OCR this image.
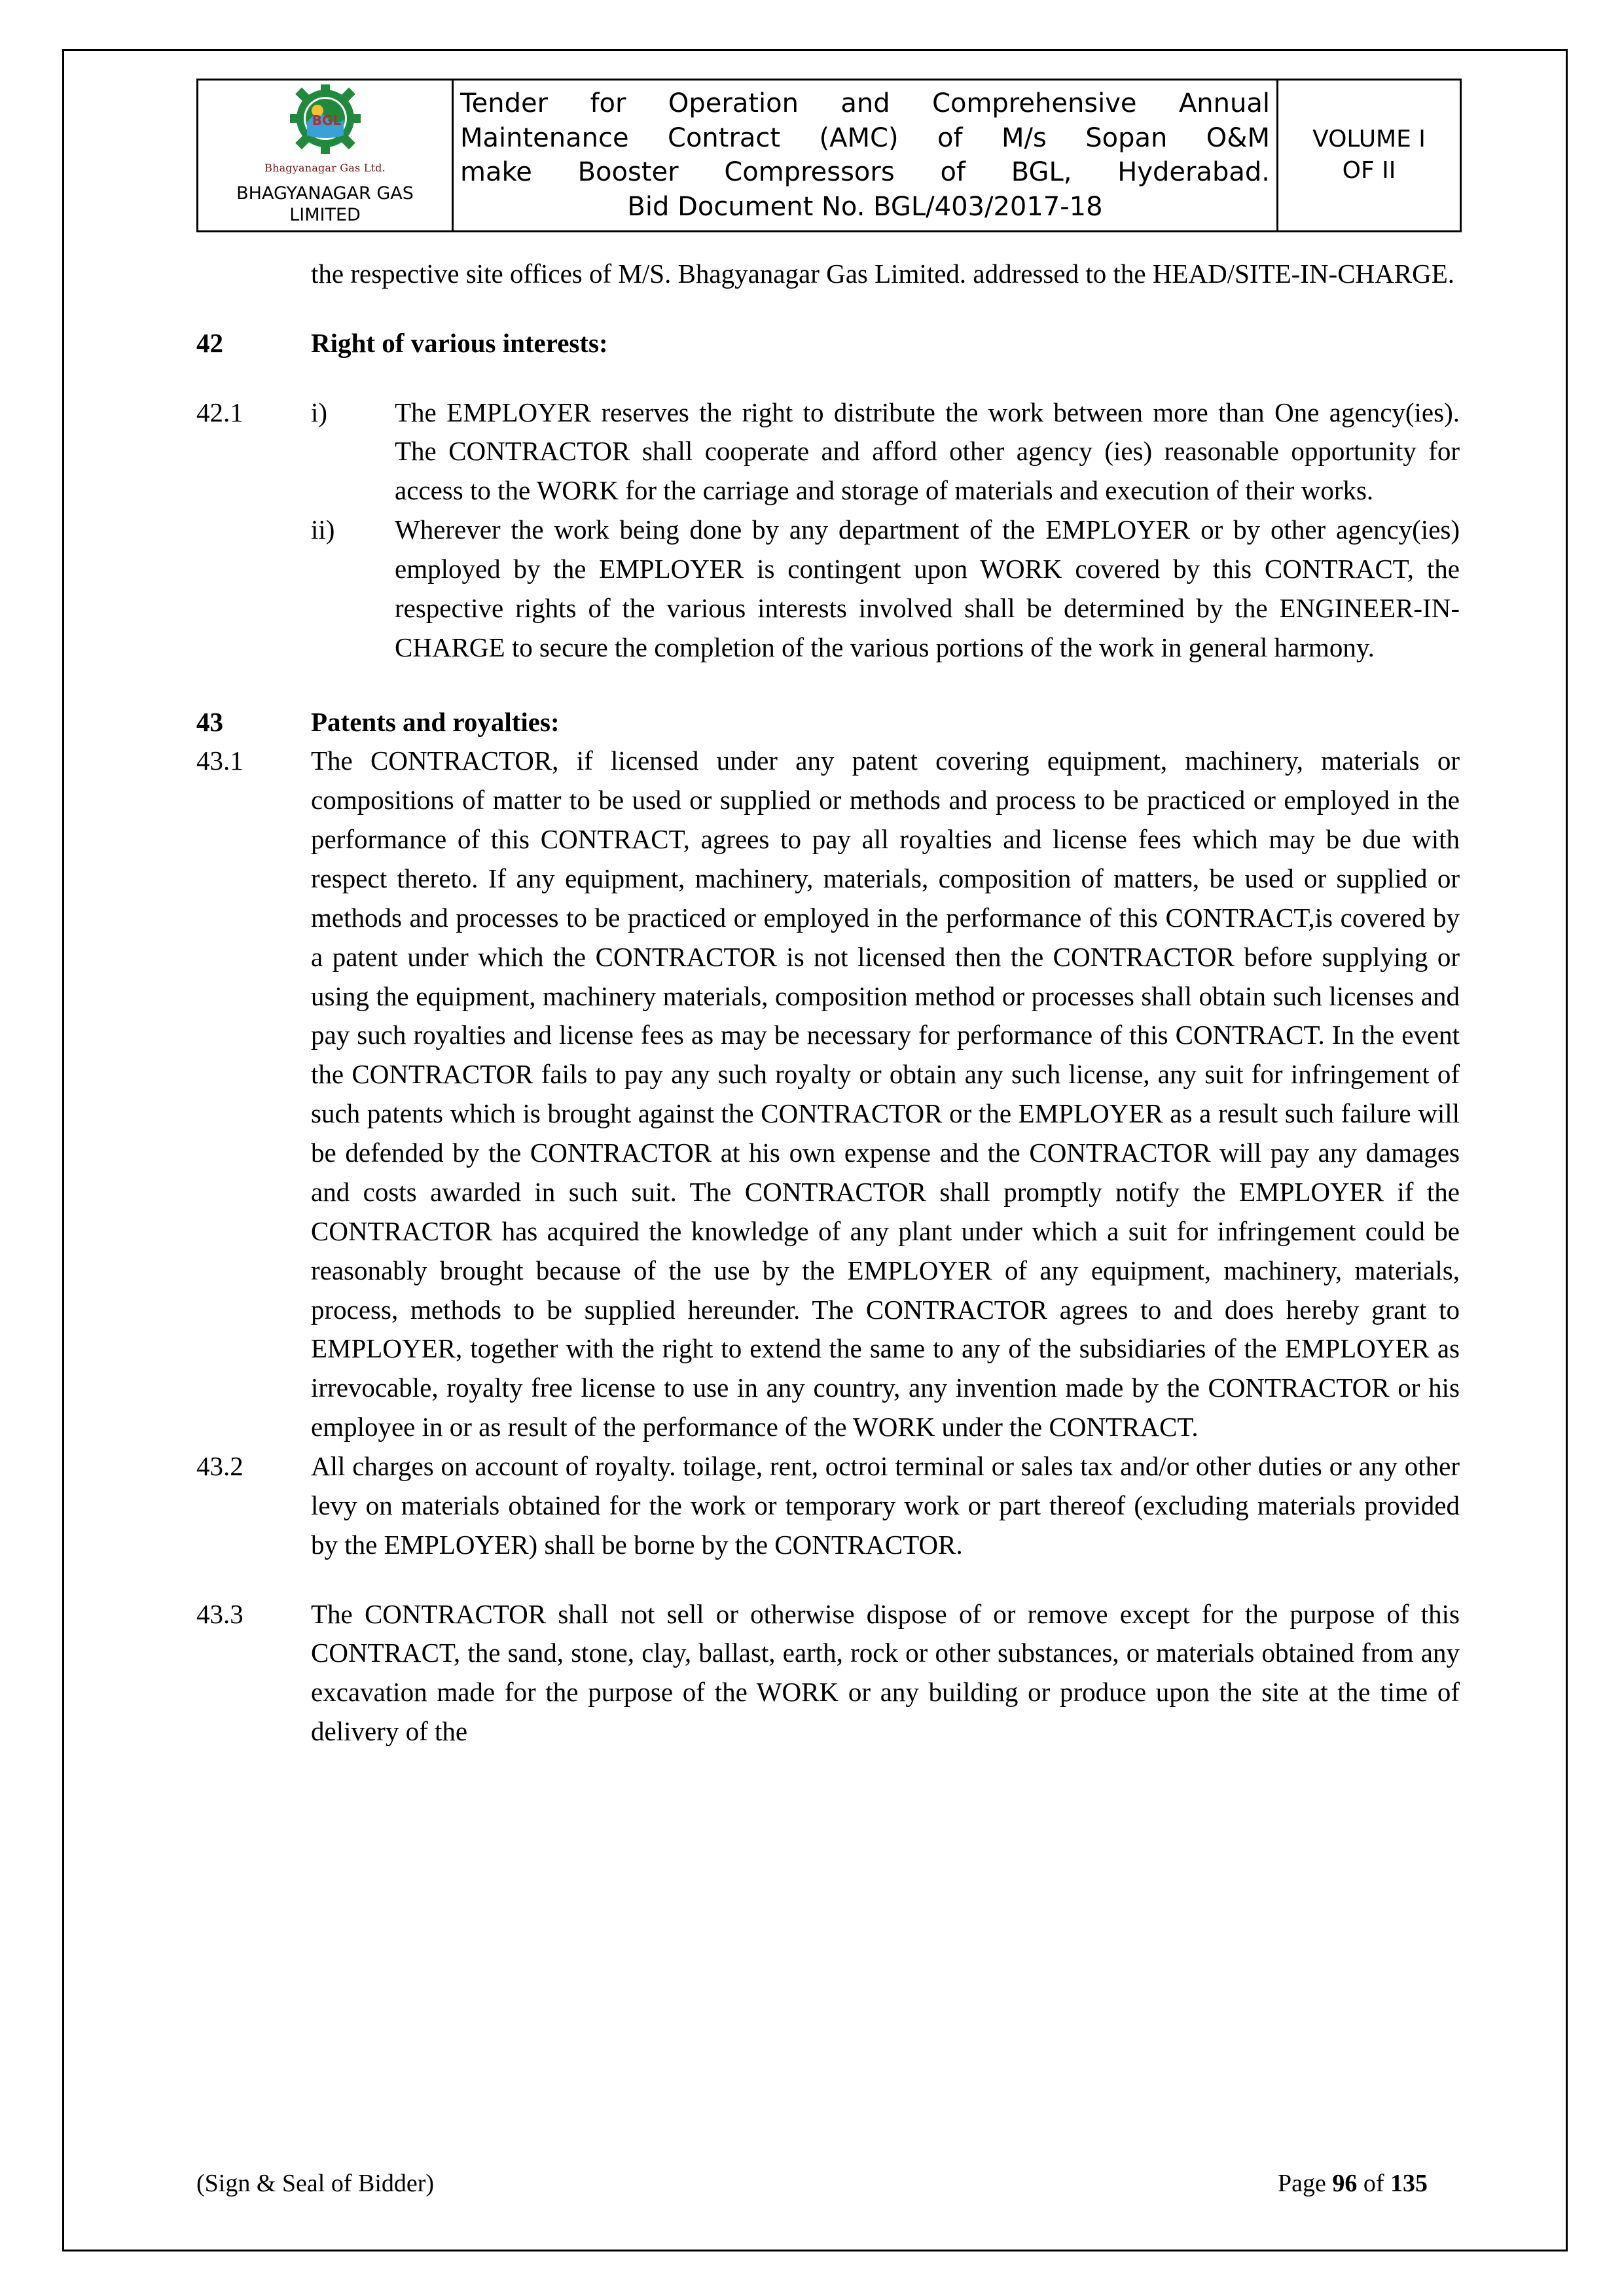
BGL
Bhagyanagar Gas Ltd.
BHAGYANAGAR GAS LIMITED

Tender for Operation and Comprehensive Annual
Maintenance Contract (AMC) of M/s Sopan O&M
make Booster Compressors of BGL, Hyderabad.
Bid Document No. BGL/403/2017-18

VOLUME I
OF II

the respective site offices of M/S. Bhagyanagar Gas Limited. addressed to the HEAD/SITE-IN-CHARGE.

42	Right of various interests:
42.1	i)	The EMPLOYER reserves the right to distribute the work between more than One agency(ies). The CONTRACTOR shall cooperate and afford other agency (ies) reasonable opportunity for access to the WORK for the carriage and storage of materials and execution of their works.
ii)	Wherever the work being done by any department of the EMPLOYER or by other agency(ies) employed by the EMPLOYER is contingent upon WORK covered by this CONTRACT, the respective rights of the various interests involved shall be determined by the ENGINEER-IN-CHARGE to secure the completion of the various portions of the work in general harmony.
43	Patents and royalties:
43.1	The CONTRACTOR, if licensed under any patent covering equipment, machinery, materials or compositions of matter to be used or supplied or methods and process to be practiced or employed in the performance of this CONTRACT, agrees to pay all royalties and license fees which may be due with respect thereto. If any equipment, machinery, materials, composition of matters, be used or supplied or methods and processes to be practiced or employed in the performance of this CONTRACT,is covered by a patent under which the CONTRACTOR is not licensed then the CONTRACTOR before supplying or using the equipment, machinery materials, composition method or processes shall obtain such licenses and pay such royalties and license fees as may be necessary for performance of this CONTRACT. In the event the CONTRACTOR fails to pay any such royalty or obtain any such license, any suit for infringement of such patents which is brought against the CONTRACTOR or the EMPLOYER as a result such failure will be defended by the CONTRACTOR at his own expense and the CONTRACTOR will pay any damages and costs awarded in such suit. The CONTRACTOR shall promptly notify the EMPLOYER if the CONTRACTOR has acquired the knowledge of any plant under which a suit for infringement could be reasonably brought because of the use by the EMPLOYER of any equipment, machinery, materials, process, methods to be supplied hereunder. The CONTRACTOR agrees to and does hereby grant to EMPLOYER, together with the right to extend the same to any of the subsidiaries of the EMPLOYER as irrevocable, royalty free license to use in any country, any invention made by the CONTRACTOR or his employee in or as result of the performance of the WORK under the CONTRACT.
43.2	All charges on account of royalty. toilage, rent, octroi terminal or sales tax and/or other duties or any other levy on materials obtained for the work or temporary work or part thereof (excluding materials provided by the EMPLOYER) shall be borne by the CONTRACTOR.
43.3	The CONTRACTOR shall not sell or otherwise dispose of or remove except for the purpose of this CONTRACT, the sand, stone, clay, ballast, earth, rock or other substances, or materials obtained from any excavation made for the purpose of the WORK or any building or produce upon the site at the time of delivery of the
(Sign & Seal of Bidder)	Page 96 of 135
